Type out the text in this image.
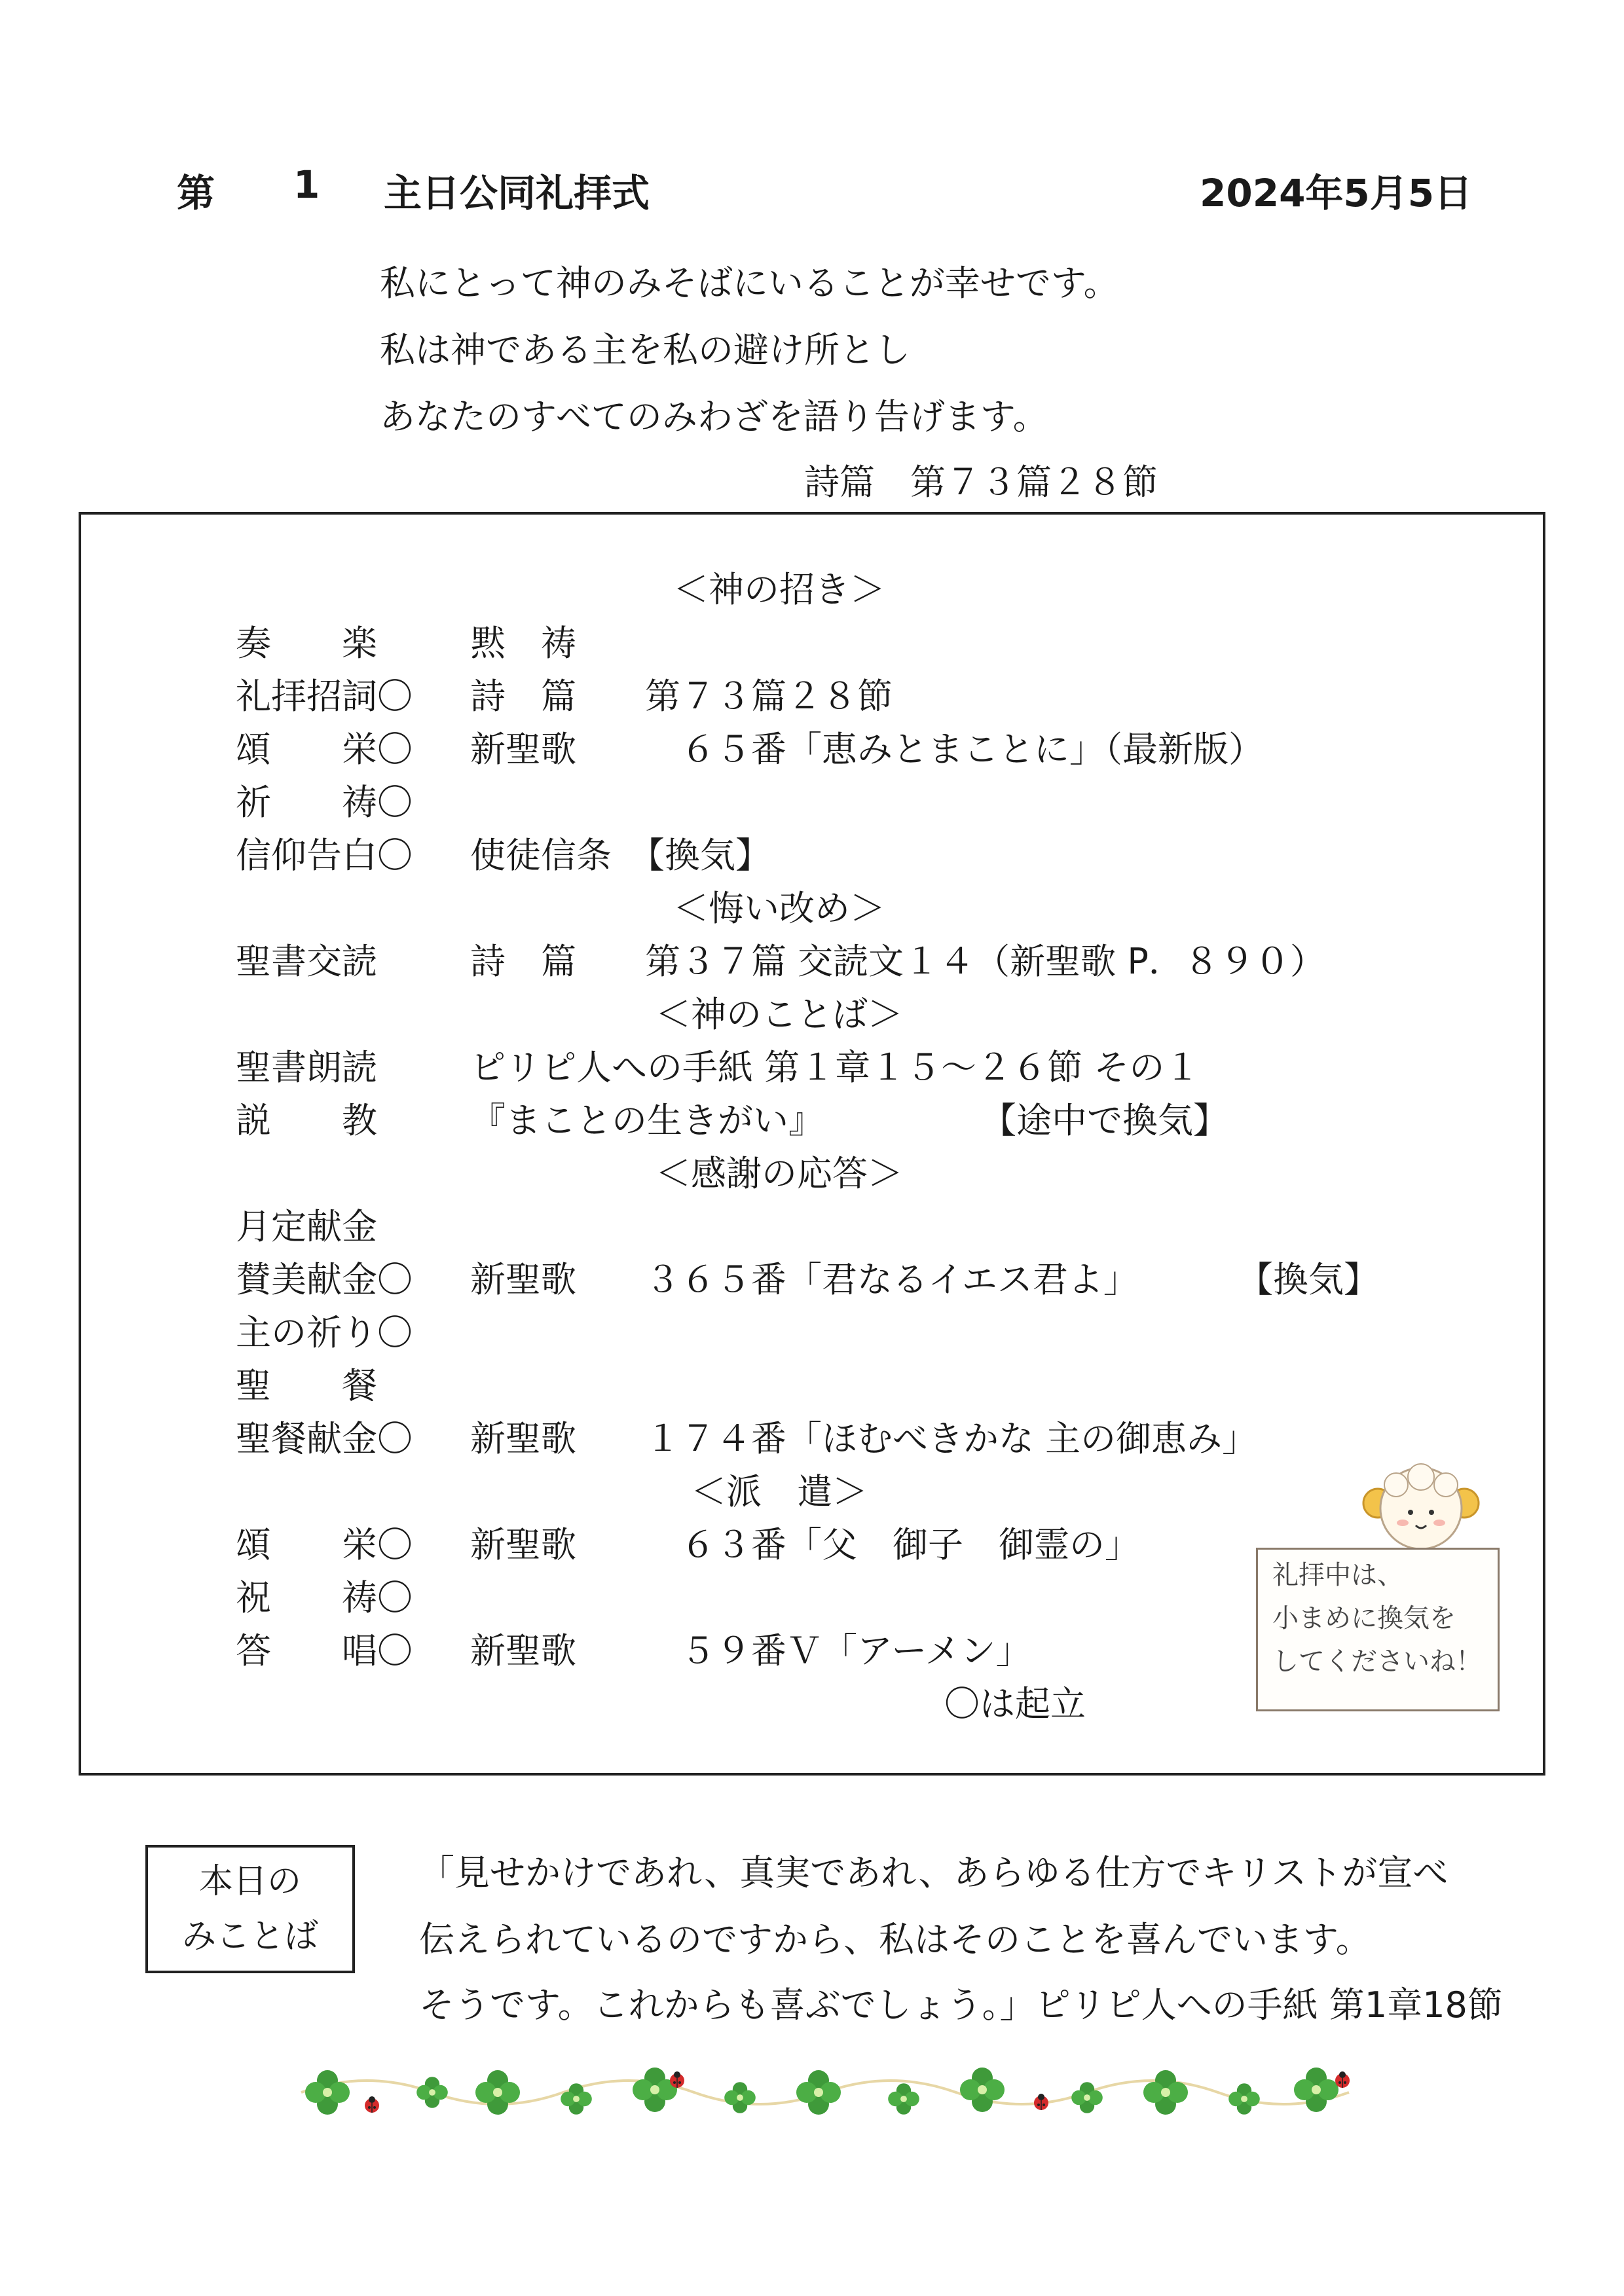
第 1 主日公同礼拝式	2024年5月5日
私にとって神のみそばにいることが幸せです。
私は神である主を私の避け所とし
あなたのすべてのみわざを語り告げます。
詩篇　第７３篇２８節
＜神の招き＞
奏　　楽	黙　祷
礼拝招詞〇 詩　篇 第７３篇２８節
頌　　栄〇 新聖歌 　６５番「恵みとまことに」（最新版）
祈　　祷〇
信仰告白〇 使徒信条　【換気】
＜悔い改め＞
聖書交読	詩　篇 第３７篇 交読文１４（新聖歌 P．８９０）
＜神のことば＞
聖書朗読	ピリピ人への手紙 第１章１５～２６節 その１
説　　教	『まことの生きがい』	【途中で換気】
＜感謝の応答＞
月定献金
賛美献金〇 新聖歌 ３６５番「君なるイエス君よ」	【換気】
主の祈り〇
聖　　餐
聖餐献金〇 新聖歌 １７４番「ほむべきかな 主の御恵み」
＜派　遣＞
頌　　栄〇 新聖歌 　６３番「父　御子　御霊の」
祝　　祷〇
答　　唱〇 新聖歌 　５９番Ｖ「アーメン」
〇は起立
礼拝中は、
小まめに換気を
してくださいね！
本日の
みことば
「見せかけであれ、真実であれ、あらゆる仕方でキリストが宣べ
伝えられているのですから、私はそのことを喜んでいます。
そうです。これからも喜ぶでしょう。」ピリピ人への手紙 第1章18節
